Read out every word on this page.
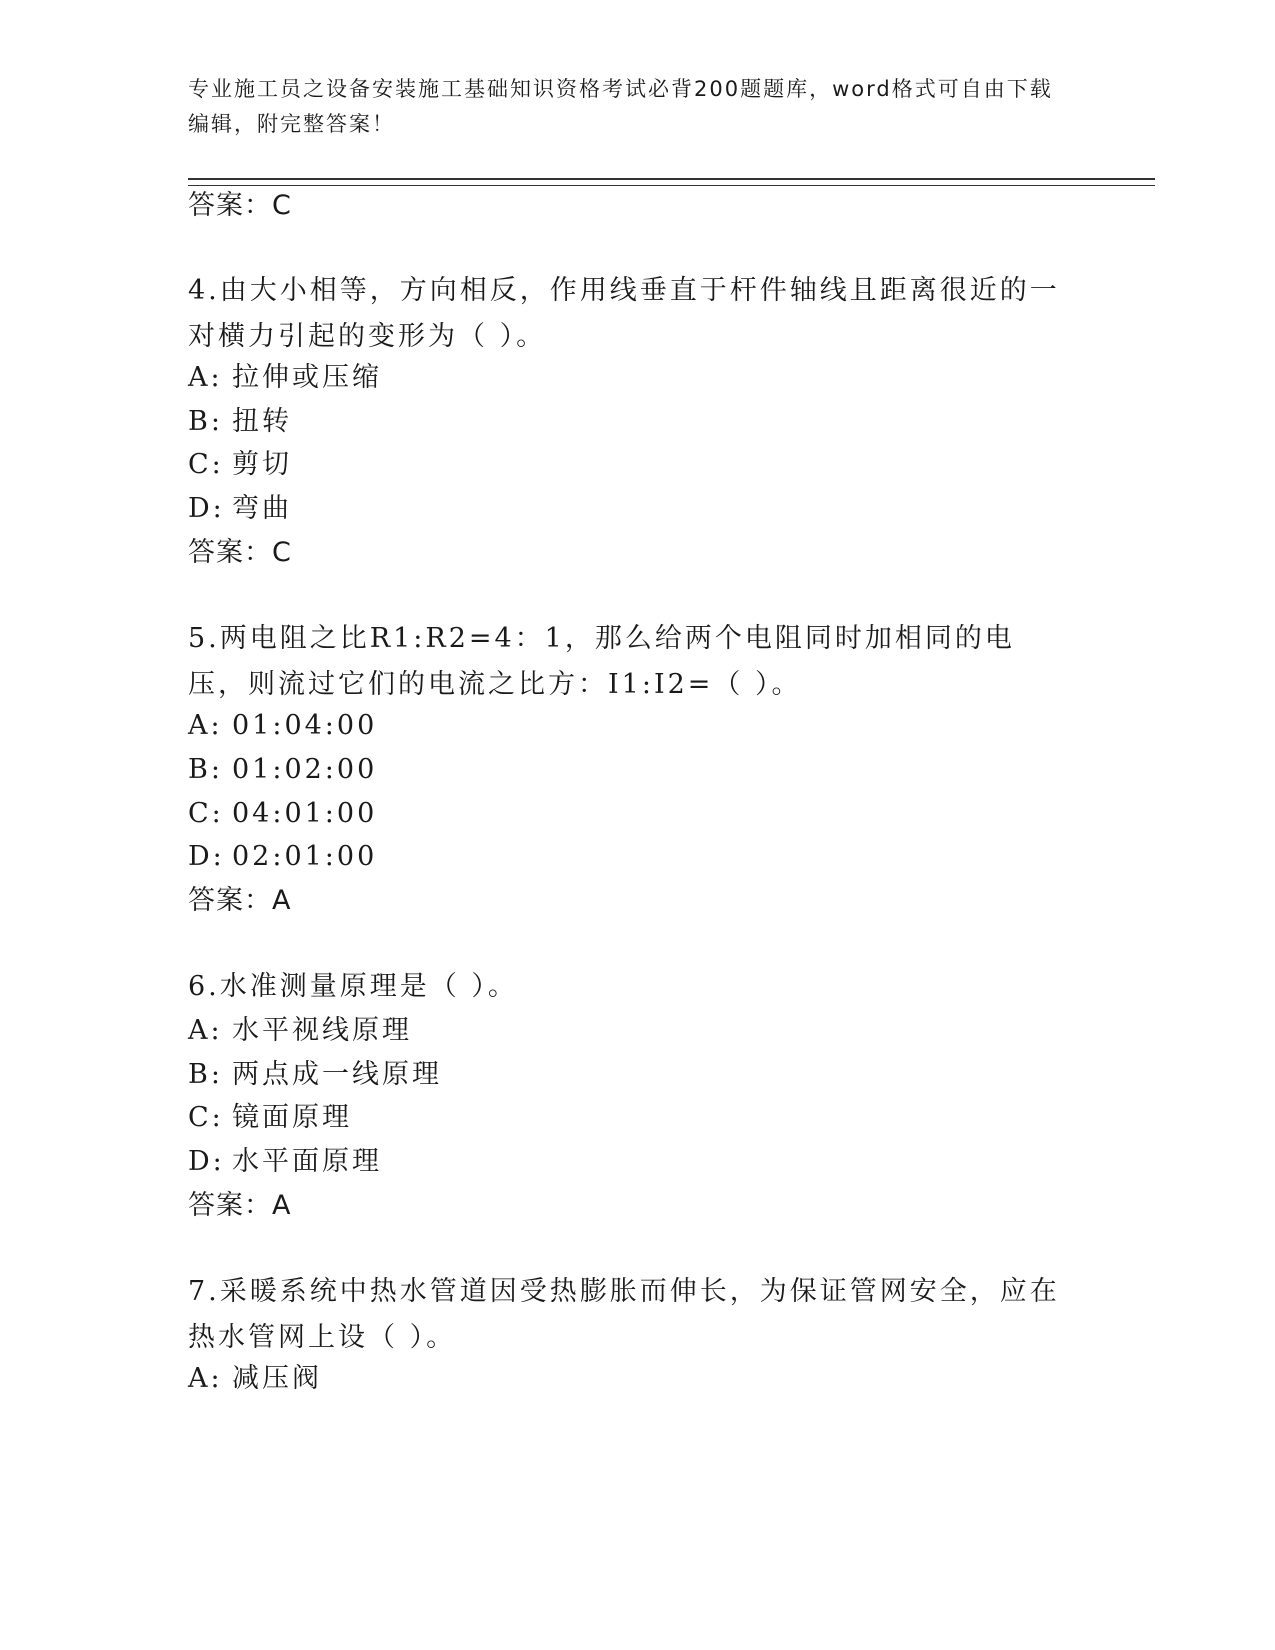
专业施工员之设备安装施工基础知识资格考试必背200题题库，word格式可自由下载编辑，附完整答案！
答案：C
4.由大小相等，方向相反，作用线垂直于杆件轴线且距离很近的一对横力引起的变形为（ ）。
A: 拉伸或压缩
B: 扭转
C: 剪切
D: 弯曲
答案：C
5.两电阻之比R1:R2=4：1，那么给两个电阻同时加相同的电压，则流过它们的电流之比方：I1:I2=（ ）。
A: 01:04:00
B: 01:02:00
C: 04:01:00
D: 02:01:00
答案：A
6.水准测量原理是（ ）。
A: 水平视线原理
B: 两点成一线原理
C: 镜面原理
D: 水平面原理
答案：A
7.采暖系统中热水管道因受热膨胀而伸长，为保证管网安全，应在热水管网上设（ ）。
A: 减压阀
